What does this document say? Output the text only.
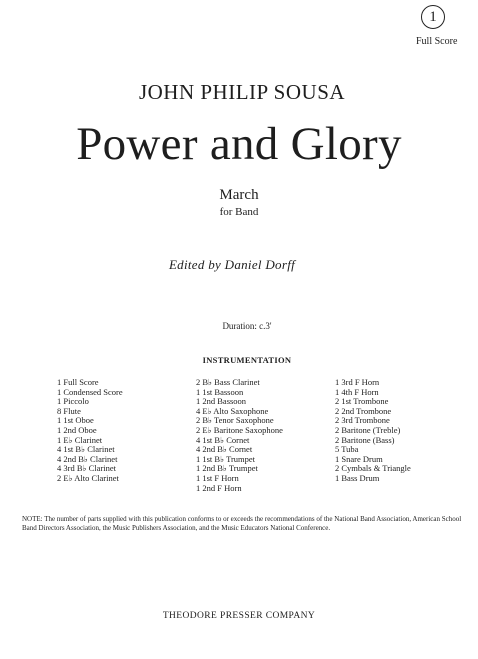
1
Full Score
JOHN PHILIP SOUSA
Power and Glory
March
for Band
Edited by Daniel Dorff
Duration: c.3'
INSTRUMENTATION
1 Full Score
1 Condensed Score
1 Piccolo
8 Flute
1 1st Oboe
1 2nd Oboe
1 E♭ Clarinet
4 1st B♭ Clarinet
4 2nd B♭ Clarinet
4 3rd B♭ Clarinet
2 E♭ Alto Clarinet
2 B♭ Bass Clarinet
1 1st Bassoon
1 2nd Bassoon
4 E♭ Alto Saxophone
2 B♭ Tenor Saxophone
2 E♭ Baritone Saxophone
4 1st B♭ Cornet
4 2nd B♭ Cornet
1 1st B♭ Trumpet
1 2nd B♭ Trumpet
1 1st F Horn
1 2nd F Horn
1 3rd F Horn
1 4th F Horn
2 1st Trombone
2 2nd Trombone
2 3rd Trombone
2 Baritone (Treble)
2 Baritone (Bass)
5 Tuba
1 Snare Drum
2 Cymbals & Triangle
1 Bass Drum
NOTE: The number of parts supplied with this publication conforms to or exceeds the recommendations of the National Band Association, American School Band Directors Association, the Music Publishers Association, and the Music Educators National Conference.
THEODORE PRESSER COMPANY
